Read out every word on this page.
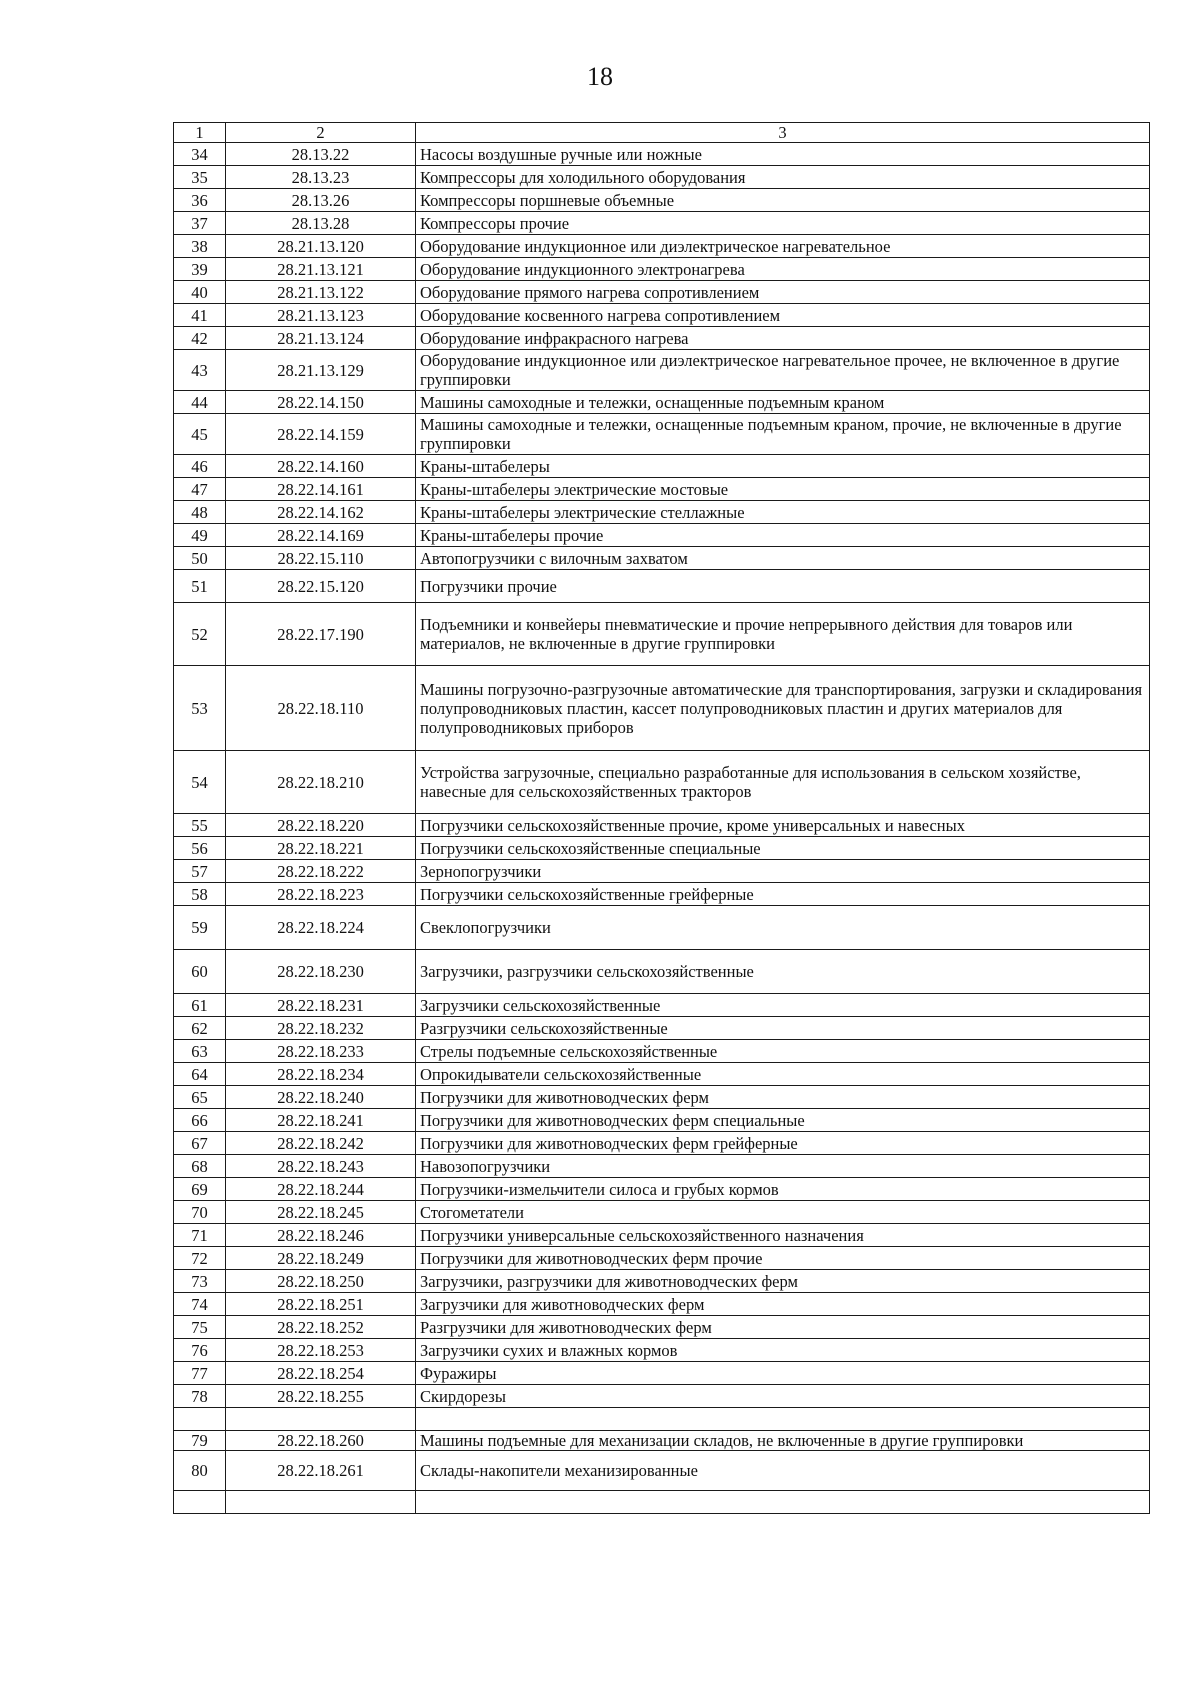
18
1	2	3
34	28.13.22	Насосы воздушные ручные или ножные
35	28.13.23	Компрессоры для холодильного оборудования
36	28.13.26	Компрессоры поршневые объемные
37	28.13.28	Компрессоры прочие
38	28.21.13.120	Оборудование индукционное или диэлектрическое нагревательное
39	28.21.13.121	Оборудование индукционного электронагрева
40	28.21.13.122	Оборудование прямого нагрева сопротивлением
41	28.21.13.123	Оборудование косвенного нагрева сопротивлением
42	28.21.13.124	Оборудование инфракрасного нагрева
43	28.21.13.129	Оборудование индукционное или диэлектрическое нагревательное прочее, не включенное в другие группировки
44	28.22.14.150	Машины самоходные и тележки, оснащенные подъемным краном
45	28.22.14.159	Машины самоходные и тележки, оснащенные подъемным краном, прочие, не включенные в другие группировки
46	28.22.14.160	Краны-штабелеры
47	28.22.14.161	Краны-штабелеры электрические мостовые
48	28.22.14.162	Краны-штабелеры электрические стеллажные
49	28.22.14.169	Краны-штабелеры прочие
50	28.22.15.110	Автопогрузчики с вилочным захватом
51	28.22.15.120	Погрузчики прочие
52	28.22.17.190	Подъемники и конвейеры пневматические и прочие непрерывного действия для товаров или материалов, не включенные в другие группировки
53	28.22.18.110	Машины погрузочно-разгрузочные автоматические для транспортирования, загрузки и складирования полупроводниковых пластин, кассет полупроводниковых пластин и других материалов для полупроводниковых приборов
54	28.22.18.210	Устройства загрузочные, специально разработанные для использования в сельском хозяйстве, навесные для сельскохозяйственных тракторов
55	28.22.18.220	Погрузчики сельскохозяйственные прочие, кроме универсальных и навесных
56	28.22.18.221	Погрузчики сельскохозяйственные специальные
57	28.22.18.222	Зернопогрузчики
58	28.22.18.223	Погрузчики сельскохозяйственные грейферные
59	28.22.18.224	Свеклопогрузчики
60	28.22.18.230	Загрузчики, разгрузчики сельскохозяйственные
61	28.22.18.231	Загрузчики сельскохозяйственные
62	28.22.18.232	Разгрузчики сельскохозяйственные
63	28.22.18.233	Стрелы подъемные сельскохозяйственные
64	28.22.18.234	Опрокидыватели сельскохозяйственные
65	28.22.18.240	Погрузчики для животноводческих ферм
66	28.22.18.241	Погрузчики для животноводческих ферм специальные
67	28.22.18.242	Погрузчики для животноводческих ферм грейферные
68	28.22.18.243	Навозопогрузчики
69	28.22.18.244	Погрузчики-измельчители силоса и грубых кормов
70	28.22.18.245	Стогометатели
71	28.22.18.246	Погрузчики универсальные сельскохозяйственного назначения
72	28.22.18.249	Погрузчики для животноводческих ферм прочие
73	28.22.18.250	Загрузчики, разгрузчики для животноводческих ферм
74	28.22.18.251	Загрузчики для животноводческих ферм
75	28.22.18.252	Разгрузчики для животноводческих ферм
76	28.22.18.253	Загрузчики сухих и влажных кормов
77	28.22.18.254	Фуражиры
78	28.22.18.255	Скирдорезы

79	28.22.18.260	Машины подъемные для механизации складов, не включенные в другие группировки
80	28.22.18.261	Склады-накопители механизированные
